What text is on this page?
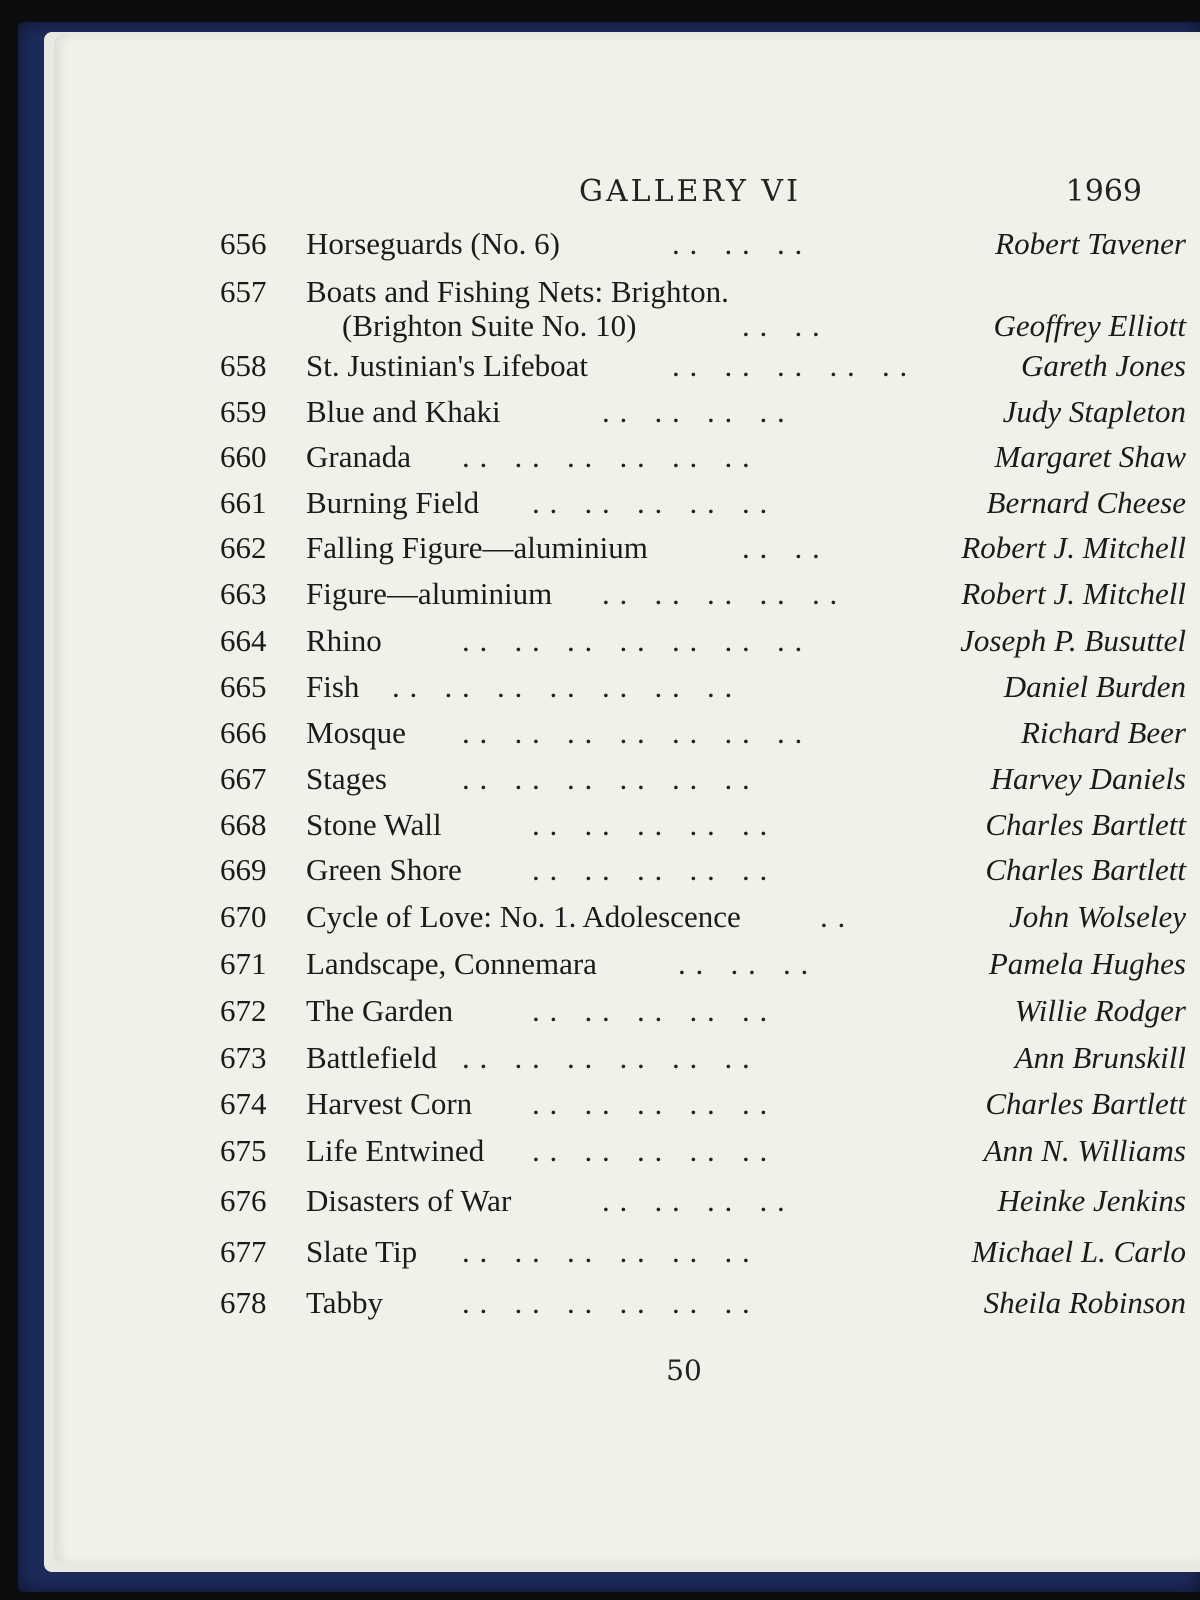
GALLERY VI	1969
656 Horseguards (No. 6)	. .   . .   . .	Robert Tavener
657 Boats and Fishing Nets: Brighton.
(Brighton Suite No. 10)	. .   . .	Geoffrey Elliott
658 St. Justinian's Lifeboat	. .   . .   . .   . .   . .	Gareth Jones
659 Blue and Khaki	. .   . .   . .   . .	Judy Stapleton
660 Granada . .   . .   . .   . .   . .   . .	Margaret Shaw
661 Burning Field . .   . .   . .   . .   . .	Bernard Cheese
662 Falling Figure—aluminium	. .   . .	Robert J. Mitchell
663 Figure—aluminium . .   . .   . .   . .   . .	Robert J. Mitchell
664 Rhino	. .   . .   . .   . .   . .   . .   . .	Joseph P. Busuttel
665 Fish . .   . .   . .   . .   . .   . .   . .	Daniel Burden
666 Mosque . .   . .   . .   . .   . .   . .   . .	Richard Beer
667 Stages . .   . .   . .   . .   . .   . .	Harvey Daniels
668 Stone Wall	. .   . .   . .   . .   . .	Charles Bartlett
669 Green Shore . .   . .   . .   . .   . .	Charles Bartlett
670 Cycle of Love: No. 1. Adolescence	. .	John Wolseley
671 Landscape, Connemara	. .   . .   . .	Pamela Hughes
672 The Garden	. .   . .   . .   . .   . .	Willie Rodger
673 Battlefield . .   . .   . .   . .   . .   . .	Ann Brunskill
674 Harvest Corn . .   . .   . .   . .   . .	Charles Bartlett
675 Life Entwined . .   . .   . .   . .   . .	Ann N. Williams
676 Disasters of War	. .   . .   . .   . .	Heinke Jenkins
677 Slate Tip . .   . .   . .   . .   . .   . .	Michael L. Carlo
678 Tabby	. .   . .   . .   . .   . .   . .	Sheila Robinson
50
